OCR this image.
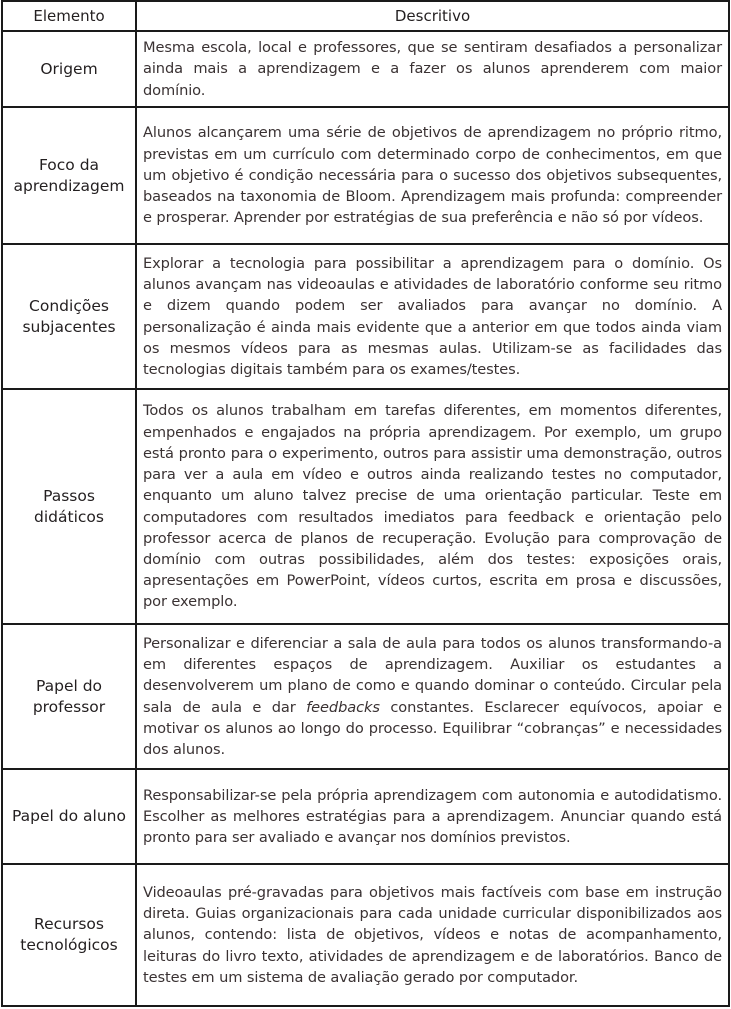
Elemento	Descritivo
Origem	Mesma escola, local e professores, que se sentiram desafiados a personalizar ainda mais a aprendizagem e a fazer os alunos aprenderem com maior domínio.
Foco da aprendizagem	Alunos alcançarem uma série de objetivos de aprendizagem no próprio ritmo, previstas em um currículo com determinado corpo de conhecimentos, em que um objetivo é condição necessária para o sucesso dos objetivos subsequentes, baseados na taxonomia de Bloom. Aprendizagem mais profunda: compreender e prosperar. Aprender por estratégias de sua preferência e não só por vídeos.
Condições subjacentes	Explorar a tecnologia para possibilitar a aprendizagem para o domínio. Os alunos avançam nas videoaulas e atividades de laboratório conforme seu ritmo e dizem quando podem ser avaliados para avançar no domínio. A personalização é ainda mais evidente que a anterior em que todos ainda viam os mesmos vídeos para as mesmas aulas. Utilizam-se as facilidades das tecnologias digitais também para os exames/testes.
Passos didáticos	Todos os alunos trabalham em tarefas diferentes, em momentos diferentes, empenhados e engajados na própria aprendizagem. Por exemplo, um grupo está pronto para o experimento, outros para assistir uma demonstração, outros para ver a aula em vídeo e outros ainda realizando testes no computador, enquanto um aluno talvez precise de uma orientação particular. Teste em computadores com resultados imediatos para feedback e orientação pelo professor acerca de planos de recuperação. Evolução para comprovação de domínio com outras possibilidades, além dos testes: exposições orais, apresentações em PowerPoint, vídeos curtos, escrita em prosa e discussões, por exemplo.
Papel do professor	Personalizar e diferenciar a sala de aula para todos os alunos transformando-a em diferentes espaços de aprendizagem. Auxiliar os estudantes a desenvolverem um plano de como e quando dominar o conteúdo. Circular pela sala de aula e dar feedbacks constantes. Esclarecer equívocos, apoiar e motivar os alunos ao longo do processo. Equilibrar “cobranças” e necessidades dos alunos.
Papel do aluno	Responsabilizar-se pela própria aprendizagem com autonomia e autodidatismo. Escolher as melhores estratégias para a aprendizagem. Anunciar quando está pronto para ser avaliado e avançar nos domínios previstos.
Recursos tecnológicos	Videoaulas pré-gravadas para objetivos mais factíveis com base em instrução direta. Guias organizacionais para cada unidade curricular disponibilizados aos alunos, contendo: lista de objetivos, vídeos e notas de acompanhamento, leituras do livro texto, atividades de aprendizagem e de laboratórios. Banco de testes em um sistema de avaliação gerado por computador.
